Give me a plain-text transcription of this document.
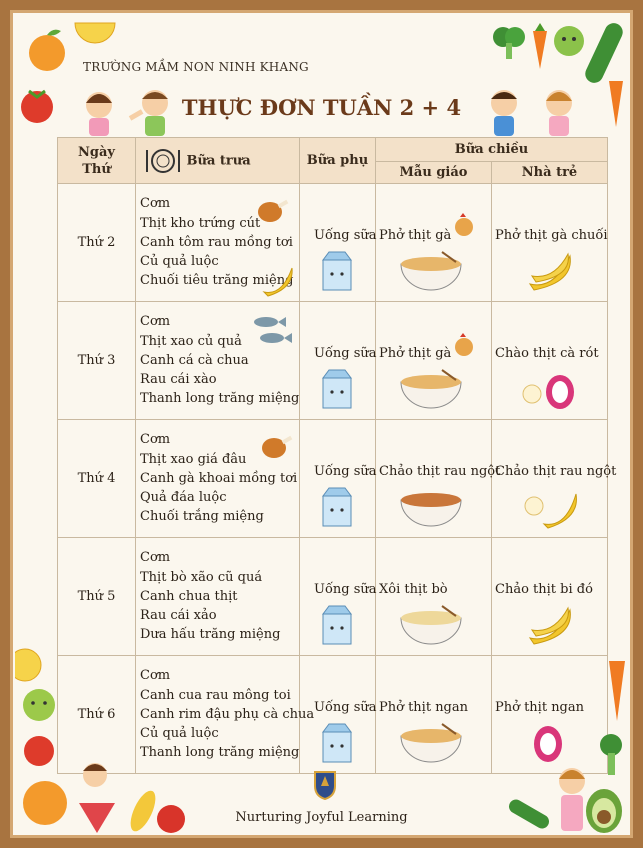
TRƯỜNG MẦM NON NINH KHANG
THỰC ĐƠN TUẦN 2 + 4
Ngày Thứ	Bữa trưa	Bữa phụ	Bữa chiều	
			Mẫu giáo	Nhà trẻ
Thứ 2	Cơm
Thịt kho trứng cút
Canh tôm rau mồng tơi
Củ quả luộc
Chuối tiêu trăng miệng	Uống sữa	Phở thịt gà	Phở thịt gà chuối

Thứ 3	Cơm
Thịt xao củ quả
Canh cá cà chua
Rau cái xào
Thanh long trăng miệng	Uống sữa	Phở thịt gà	Chào thịt cà rót

Thứ 4	Cơm
Thịt xao giá đâu
Canh gà khoai mồng tơi
Quả đáa luộc
Chuối trắng miệng	Uống sữa	Chảo thịt rau ngột	Chảo thịt rau ngột

Thứ 5	Cơm
Thịt bò xão cũ quá
Canh chua thịt
Rau cái xảo
Dưa hấu trăng miệng	Uống sữa	Xôi thịt bò	Chảo thịt bi đó

Thứ 6	Cơm
Canh cua rau mông toi
Canh rim đậu phụ cà chua
Củ quả luộc
Thanh long trăng miệng	Uống sữa	Phở thịt ngan	Phở thịt ngan
Nurturing Joyful Learning
